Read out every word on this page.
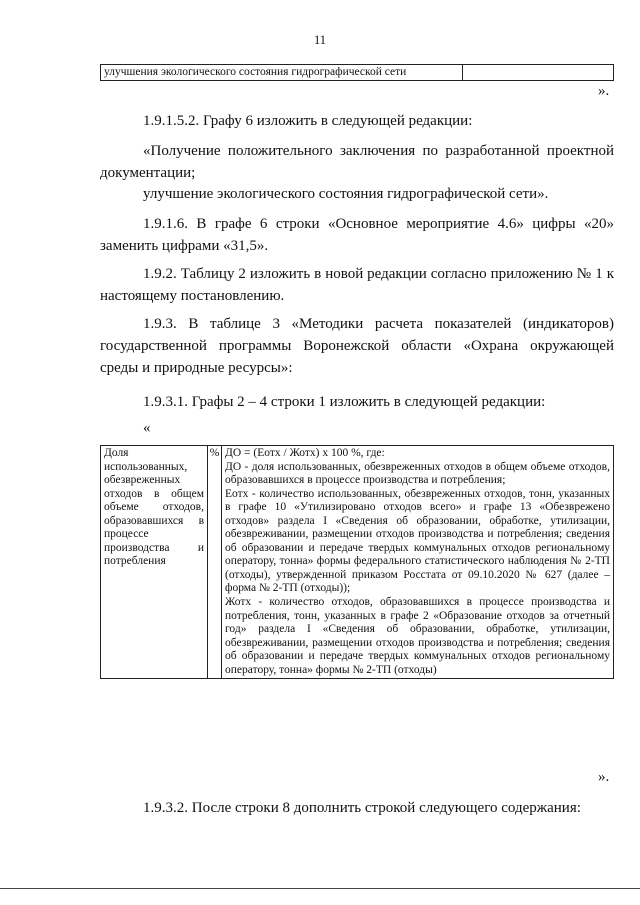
11
улучшения экологического состояния гидрографической сети	
».

1.9.1.5.2. Графу 6 изложить в следующей редакции:

«Получение положительного заключения по разработанной проектной документации;

улучшение экологического состояния гидрографической сети».

1.9.1.6. В графе 6 строки «Основное мероприятие 4.6» цифры «20» заменить цифрами «31,5».

1.9.2. Таблицу 2 изложить в новой редакции согласно приложению № 1 к настоящему постановлению.

1.9.3. В таблице 3 «Методики расчета показателей (индикаторов) государственной программы Воронежской области «Охрана окружающей среды и природные ресурсы»:

1.9.3.1. Графы 2 – 4 строки 1 изложить в следующей редакции:

«
Доля использованных, обезвреженных отходов в общем объеме отходов, образовавшихся в процессе производства и потребления	%	ДО = (Еотх / Жотх) х 100 %, где:
ДО - доля использованных, обезвреженных отходов в общем объеме отходов, образовавшихся в процессе производства и потребления;
Еотх - количество использованных, обезвреженных отходов, тонн, указанных в графе 10 «Утилизировано отходов всего» и графе 13 «Обезврежено отходов» раздела I «Сведения об образовании, обработке, утилизации, обезвреживании, размещении отходов производства и потребления; сведения об образовании и передаче твердых коммунальных отходов региональному оператору, тонна» формы федерального статистического наблюдения № 2-ТП (отходы), утвержденной приказом Росстата от 09.10.2020 № 627 (далее – форма № 2-ТП (отходы));
Жотх - количество отходов, образовавшихся в процессе производства и потребления, тонн, указанных в графе 2 «Образование отходов за отчетный год» раздела I «Сведения об образовании, обработке, утилизации, обезвреживании, размещении отходов производства и потребления; сведения об образовании и передаче твердых коммунальных отходов региональному оператору, тонна» формы № 2-ТП (отходы)
».

1.9.3.2. После строки 8 дополнить строкой следующего содержания:
